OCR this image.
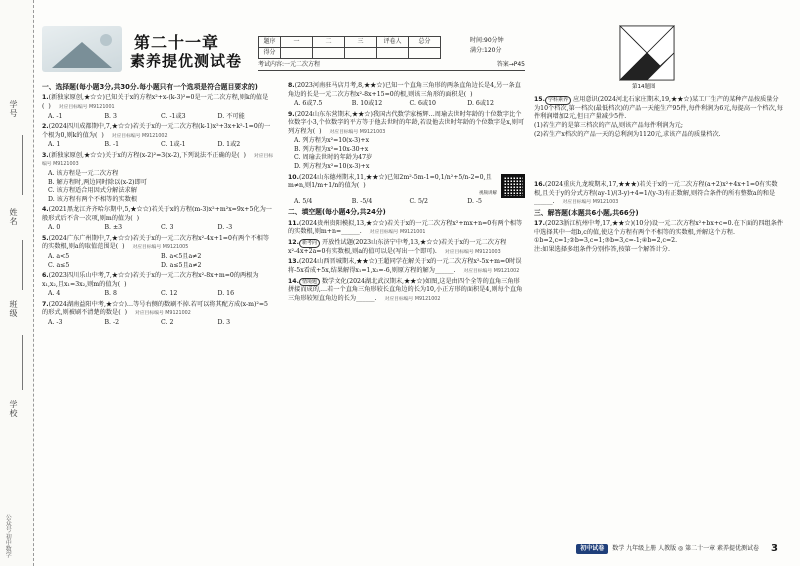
学号
姓名
班级
学校
公众号·初中数学
第二十一章
素养提优测试卷
题序	一	二	三	评卷人	总分
得分					
时间:90分钟
满分:120分
考试内容:一元二次方程	答案→P45
第14题图
一、选择题(每小题3分,共30分.每小题只有一个选项是符合题目要求的)
1.(新独家原创,★☆☆)已知关于x的方程x²+x-(k-3)²=0是一元二次方程,则k的值是(  ) 对应目标编号 M9121001
A. -1	B. 3	C. -1或3	D. 不可能
2.(2024四川成都期中,7,★☆☆)若关于x的一元二次方程(k-1)x²+3x+k²-1=0的一个根为0,则k的值为(  ) 对应目标编号 M9121002
A. 1	B. -1	C. 1或-1	D. 1或2
3.(新独家原创,★☆☆)关于x的方程(x-2)²=3(x-2),下列说法不正确的是(  ) 对应目标编号 M9121003
A. 该方程是一元二次方程
B. 解方程时,两边同时除以(x-2)即可
C. 该方程适合用因式分解法求解
D. 该方程有两个不相等的实数根
4.(2021黑龙江齐齐哈尔期中,5,★☆☆)若关于x的方程(m-3)x²+m²x=9x+5化为一般形式后不含一次项,则m的值为(  )
A. 0	B. ±3	C. 3	D. -3
5.(2024广东广州期中,7,★☆☆)若关于x的一元二次方程x²-4x+1=0有两个不相等的实数根,则a的取值范围是(  ) 对应目标编号 M9121005
A. a<5	B. a<5且a≠2
C. a≤5	D. a≤5且a≠2
6.(2023四川乐山中考,7,★☆☆)若关于x的一元二次方程x²-8x+m=0的两根为x₁,x₂,且x₁=3x₂,则m的值为(  )
A. 4	B. 8	C. 12	D. 16
7.(2024湖南益阳中考,★☆☆)…等号右侧的数刷不掉.若可以将其配方成(x-m)²=5的形式,则被刷不清楚的数是(  ) 对应目标编号 M9121002
A. -3	B. -2	C. 2	D. 3
8.(2023河南驻马店月考,8,★★☆)已知一个直角三角形的两条直角边长是4,另一条直角边的长是一元二次方程x²-8x+15=0的根,则该三角形的面积是(  )
A. 6或7.5	B. 10或12	C. 6或10	D. 6或12
9.(2024山东东营期末,★★☆)我国古代数学家杨辉…周瑜去世时年龄的十位数字比个位数字小3,个位数字的平方等于他去世时的年龄,若设他去世时年龄的个位数字是x,则可列方程为(  ) 对应目标编号 M9121003
A. 列方程为x²=10(x-3)+x
B. 列方程为x²=10x-30+x
C. 周瑜去世时的年龄为47岁
D. 列方程为x²=10(x-3)+x
10.(2024山东德州期末,11,★★☆)已知2m²-5m-1=0,1/n²+5/n-2=0,且m≠n,则1/m+1/n的值为(  )
视频讲解
A. 5/4	B. -5/4	C. 5/2	D. -5
二、填空题(每小题4分,共24分)
11.(2024贵州贵阳模拟,13,★☆☆)若关于x的一元二次方程x²+mx+n=0有两个相等的实数根,则m+n=______. 对应目标编号 M9121001
12. 新考向 开放性试题(2023山东济宁中考,13,★☆☆)若关于x的一元二次方程x²-4x+2a=0有实数根,则a的值可以是(写出一个即可). 对应目标编号 M9121003
13.(2024山西晋城期末,★★☆)王超同学在解关于x的一元二次方程x²-5x+m=0时误将-5x看成+5x,结果解得x₁=1,x₂=-6,则原方程的解为______. 对应目标编号 M9121002
14. 情境题 数学文化(2024湖北武汉期末,★★☆)如图,这是由四个全等的直角三角形拼接而成的,…若一个直角三角形较长直角边的长为10,小正方形的面积是4,则每个直角三角形较短直角边的长为______. 对应目标编号 M9121002
15. 学科素养 应用意识(2024河北石家庄期末,19,★★☆)某工厂生产的某种产品按质量分为10个档次,第一档次(最低档次)的产品一天能生产95件,每件利润为6元,每提高一个档次,每件利润增加2元,但日产量减少5件.
(1)若生产的是第三档次的产品,则该产品每件利润为元;
(2)若生产x档次的产品一天的总利润为1120元,求该产品的质量档次.
16.(2024重庆九龙坡期末,17,★★★)若关于x的一元二次方程(a+2)x²+4x+1=0有实数根,且关于y的分式方程(ay-1)/(3-y)+4=1/(y-3)有正数解,则符合条件的所有整数a的和是______. 对应目标编号 M9121003
三、解答题(本题共6小题,共66分)
17.(2023浙江杭州中考,17,★★☆)(10分)设一元二次方程x²+bx+c=0.在下面的四组条件中选择其中一组b,c的值,使这个方程有两个不相等的实数根,并解这个方程.
①b=2,c=1;②b=3,c=1;③b=3,c=-1;④b=2,c=2.
注:如果选择多组条件分别作答,按第一个解答计分.
初中试卷	数学 九年级上册 人教版 ◎ 第二十一章 素养提优测试卷 3
